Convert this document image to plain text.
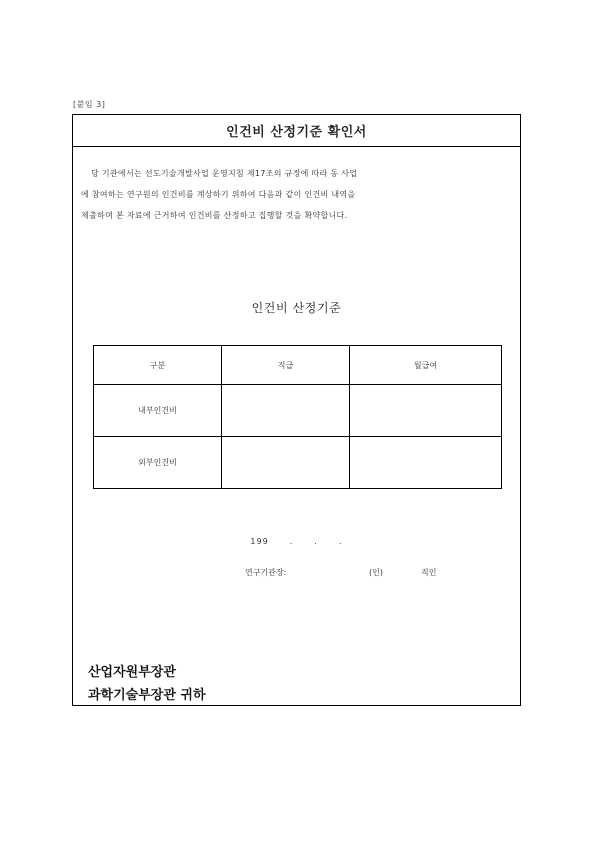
[붙임 3]
인건비 산정기준 확인서
당 기관에서는 선도기술개발사업 운영지침 제17조의 규정에 따라 동 사업
에 참여하는 연구원의 인건비를 계상하기 위하여 다음과 같이 인건비 내역을
제출하며 본 자료에 근거하여 인건비를 산정하고 집행할 것을 확약합니다.
인건비 산정기준
구분	직급	월급여
내부인건비		
외부인건비		
199	.	.	.
연구기관장:	(인)	직인
산업자원부장관
과학기술부장관 귀하
